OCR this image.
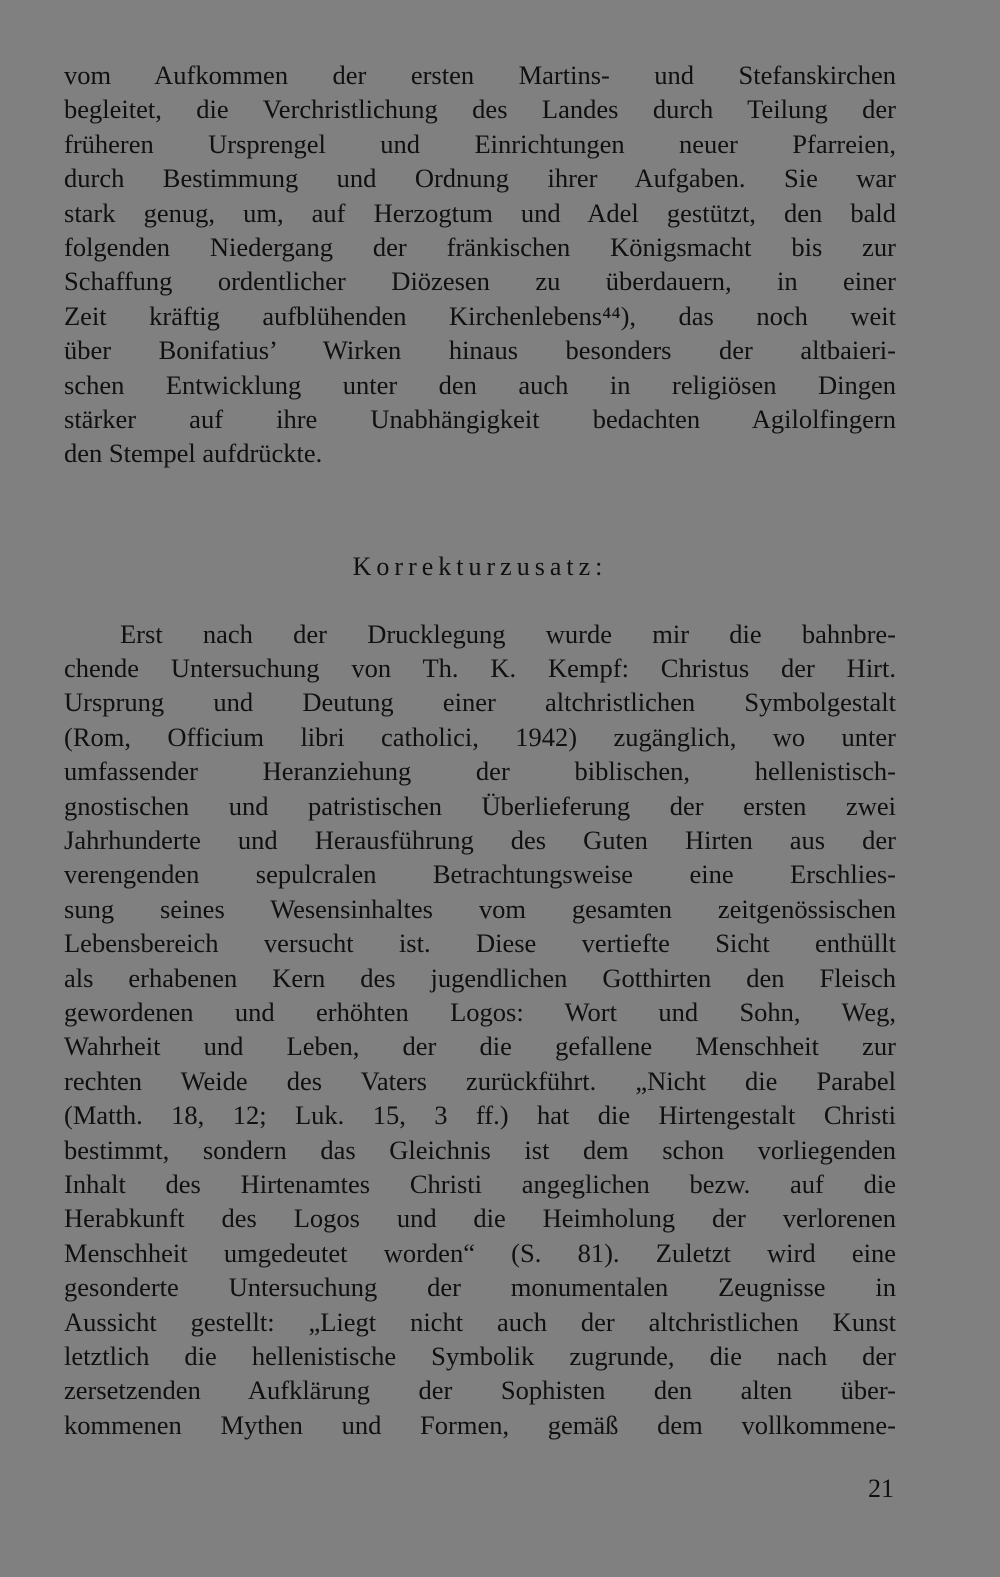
vom Aufkommen der ersten Martins- und Stefanskirchen
begleitet, die Verchristlichung des Landes durch Teilung der
früheren Ursprengel und Einrichtungen neuer Pfarreien,
durch Bestimmung und Ordnung ihrer Aufgaben. Sie war
stark genug, um, auf Herzogtum und Adel gestützt, den bald
folgenden Niedergang der fränkischen Königsmacht bis zur
Schaffung ordentlicher Diözesen zu überdauern, in einer
Zeit kräftig aufblühenden Kirchenlebens⁴⁴), das noch weit
über Bonifatius’ Wirken hinaus besonders der altbaieri-
schen Entwicklung unter den auch in religiösen Dingen
stärker auf ihre Unabhängigkeit bedachten Agilolfingern
den Stempel aufdrückte.
Korrekturzusatz:
Erst nach der Drucklegung wurde mir die bahnbre-
chende Untersuchung von Th. K. Kempf: Christus der Hirt.
Ursprung und Deutung einer altchristlichen Symbolgestalt
(Rom, Officium libri catholici, 1942) zugänglich, wo unter
umfassender Heranziehung der biblischen, hellenistisch-
gnostischen und patristischen Überlieferung der ersten zwei
Jahrhunderte und Herausführung des Guten Hirten aus der
verengenden sepulcralen Betrachtungsweise eine Erschlies-
sung seines Wesensinhaltes vom gesamten zeitgenössischen
Lebensbereich versucht ist. Diese vertiefte Sicht enthüllt
als erhabenen Kern des jugendlichen Gotthirten den Fleisch
gewordenen und erhöhten Logos: Wort und Sohn, Weg,
Wahrheit und Leben, der die gefallene Menschheit zur
rechten Weide des Vaters zurückführt. „Nicht die Parabel
(Matth. 18, 12; Luk. 15, 3 ff.) hat die Hirtengestalt Christi
bestimmt, sondern das Gleichnis ist dem schon vorliegenden
Inhalt des Hirtenamtes Christi angeglichen bezw. auf die
Herabkunft des Logos und die Heimholung der verlorenen
Menschheit umgedeutet worden“ (S. 81). Zuletzt wird eine
gesonderte Untersuchung der monumentalen Zeugnisse in
Aussicht gestellt: „Liegt nicht auch der altchristlichen Kunst
letztlich die hellenistische Symbolik zugrunde, die nach der
zersetzenden Aufklärung der Sophisten den alten über-
kommenen Mythen und Formen, gemäß dem vollkommene-
21
